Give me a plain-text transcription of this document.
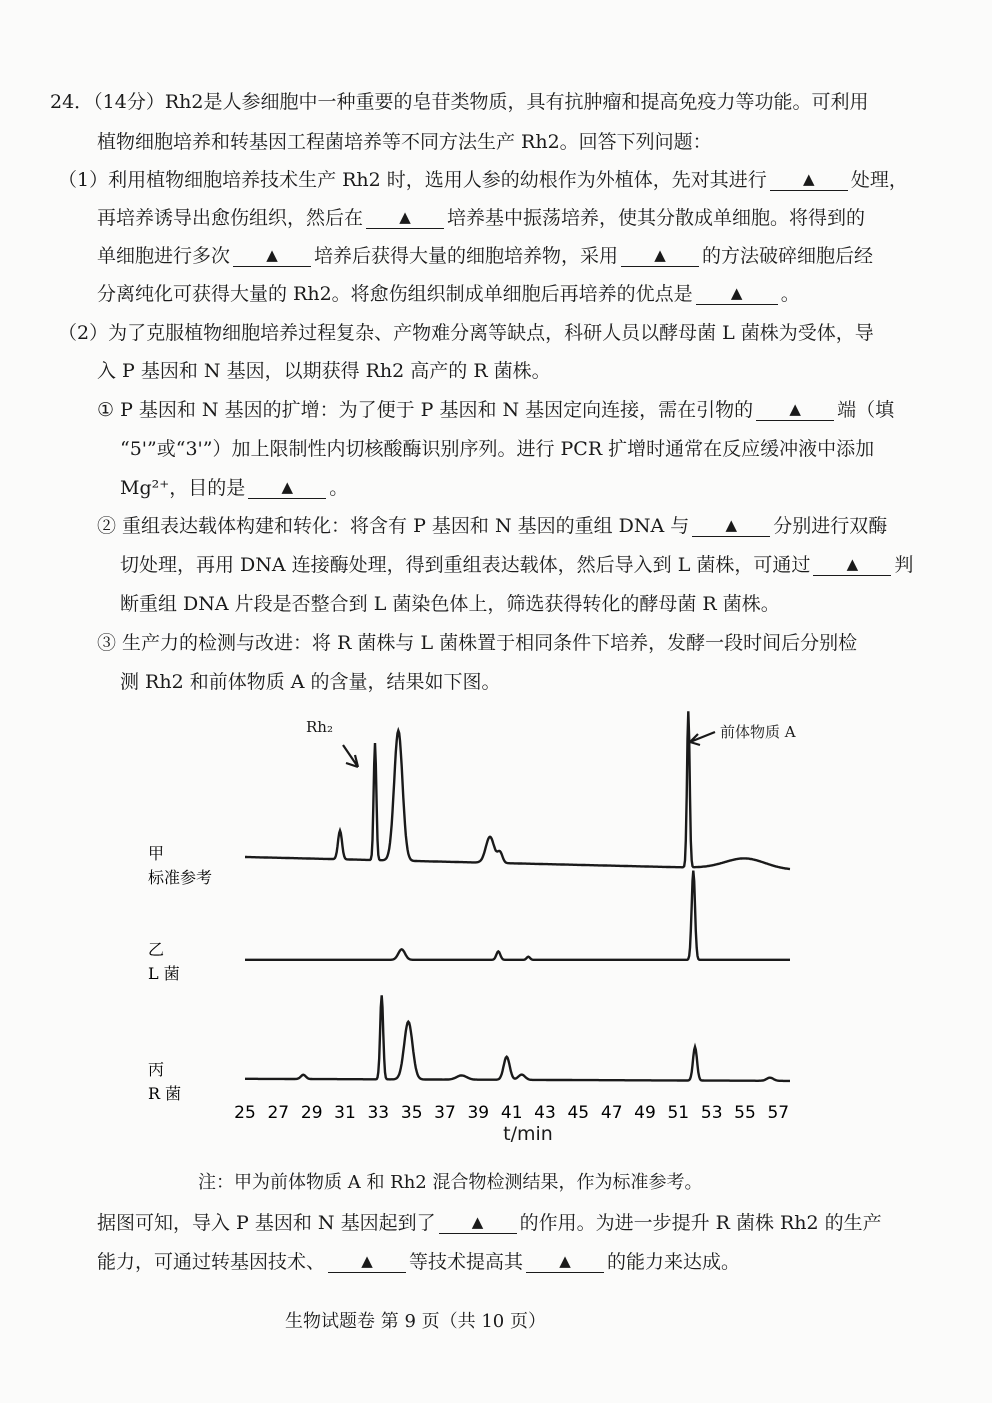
24．（14分）Rh2是人参细胞中一种重要的皂苷类物质，具有抗肿瘤和提高免疫力等功能。可利用
植物细胞培养和转基因工程菌培养等不同方法生产 Rh2。回答下列问题：
（1）利用植物细胞培养技术生产 Rh2 时，选用人参的幼根作为外植体，先对其进行 ▲ 处理，
再培养诱导出愈伤组织，然后在 ▲ 培养基中振荡培养，使其分散成单细胞。将得到的
单细胞进行多次 ▲ 培养后获得大量的细胞培养物，采用 ▲ 的方法破碎细胞后经
分离纯化可获得大量的 Rh2。将愈伤组织制成单细胞后再培养的优点是	▲ 。
（2）为了克服植物细胞培养过程复杂、产物难分离等缺点，科研人员以酵母菌 L 菌株为受体，导
入 P 基因和 N 基因，以期获得 Rh2 高产的 R 菌株。
① P 基因和 N 基因的扩增：为了便于 P 基因和 N 基因定向连接，需在引物的 ▲ 端（填
“5'”或“3'”）加上限制性内切核酸酶识别序列。进行 PCR 扩增时通常在反应缓冲液中添加
Mg²⁺，目的是 ▲ 。
② 重组表达载体构建和转化：将含有 P 基因和 N 基因的重组 DNA 与 ▲ 分别进行双酶
切处理，再用 DNA 连接酶处理，得到重组表达载体，然后导入到 L 菌株，可通过 ▲ 判
断重组 DNA 片段是否整合到 L 菌染色体上，筛选获得转化的酵母菌 R 菌株。
③ 生产力的检测与改进：将 R 菌株与 L 菌株置于相同条件下培养，发酵一段时间后分别检
测 Rh2 和前体物质 A 的含量，结果如下图。
甲
标准参考
乙
L 菌
丙
R 菌
25 27 29 31 33 35 37 39 41 43 45 47 49 51 53 55 57
t/min
Rh₂	前体物质 A
注：甲为前体物质 A 和 Rh2 混合物检测结果，作为标准参考。
据图可知，导入 P 基因和 N 基因起到了 ▲ 的作用。为进一步提升 R 菌株 Rh2 的生产
能力，可通过转基因技术、 ▲ 等技术提高其 ▲ 的能力来达成。
生物试题卷 第 9 页（共 10 页）
